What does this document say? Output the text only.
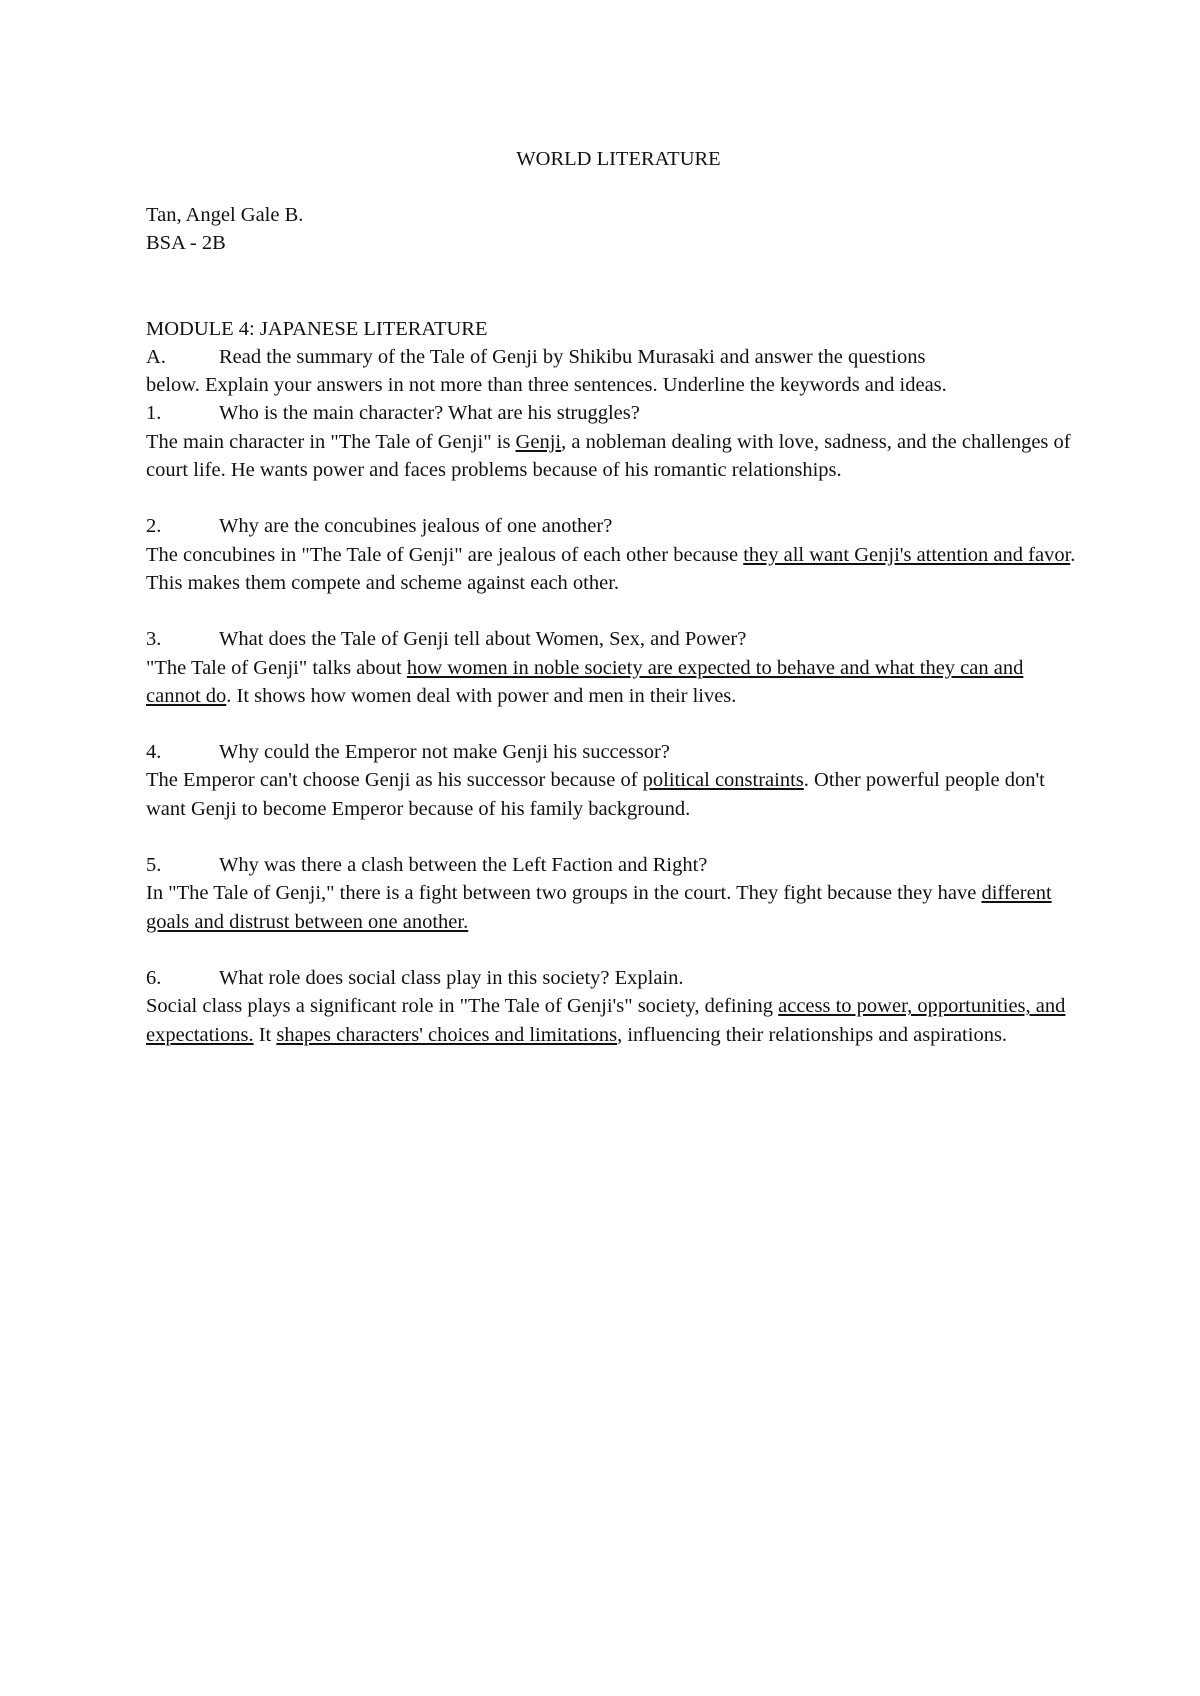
WORLD LITERATURE
Tan, Angel Gale B.
BSA - 2B
MODULE 4: JAPANESE LITERATURE
A.	Read the summary of the Tale of Genji by Shikibu Murasaki and answer the questions
below. Explain your answers in not more than three sentences. Underline the keywords and ideas.
1.	Who is the main character? What are his struggles?
The main character in "The Tale of Genji" is Genji, a nobleman dealing with love, sadness, and the challenges of court life. He wants power and faces problems because of his romantic relationships.
2.	Why are the concubines jealous of one another?
The concubines in "The Tale of Genji" are jealous of each other because they all want Genji's attention and favor. This makes them compete and scheme against each other.
3.	What does the Tale of Genji tell about Women, Sex, and Power?
"The Tale of Genji" talks about how women in noble society are expected to behave and what they can and cannot do. It shows how women deal with power and men in their lives.
4.	Why could the Emperor not make Genji his successor?
The Emperor can't choose Genji as his successor because of political constraints. Other powerful people don't want Genji to become Emperor because of his family background.
5.	Why was there a clash between the Left Faction and Right?
In "The Tale of Genji," there is a fight between two groups in the court. They fight because they have different goals and distrust between one another.
6.	What role does social class play in this society? Explain.
Social class plays a significant role in "The Tale of Genji's" society, defining access to power, opportunities, and expectations. It shapes characters' choices and limitations, influencing their relationships and aspirations.
